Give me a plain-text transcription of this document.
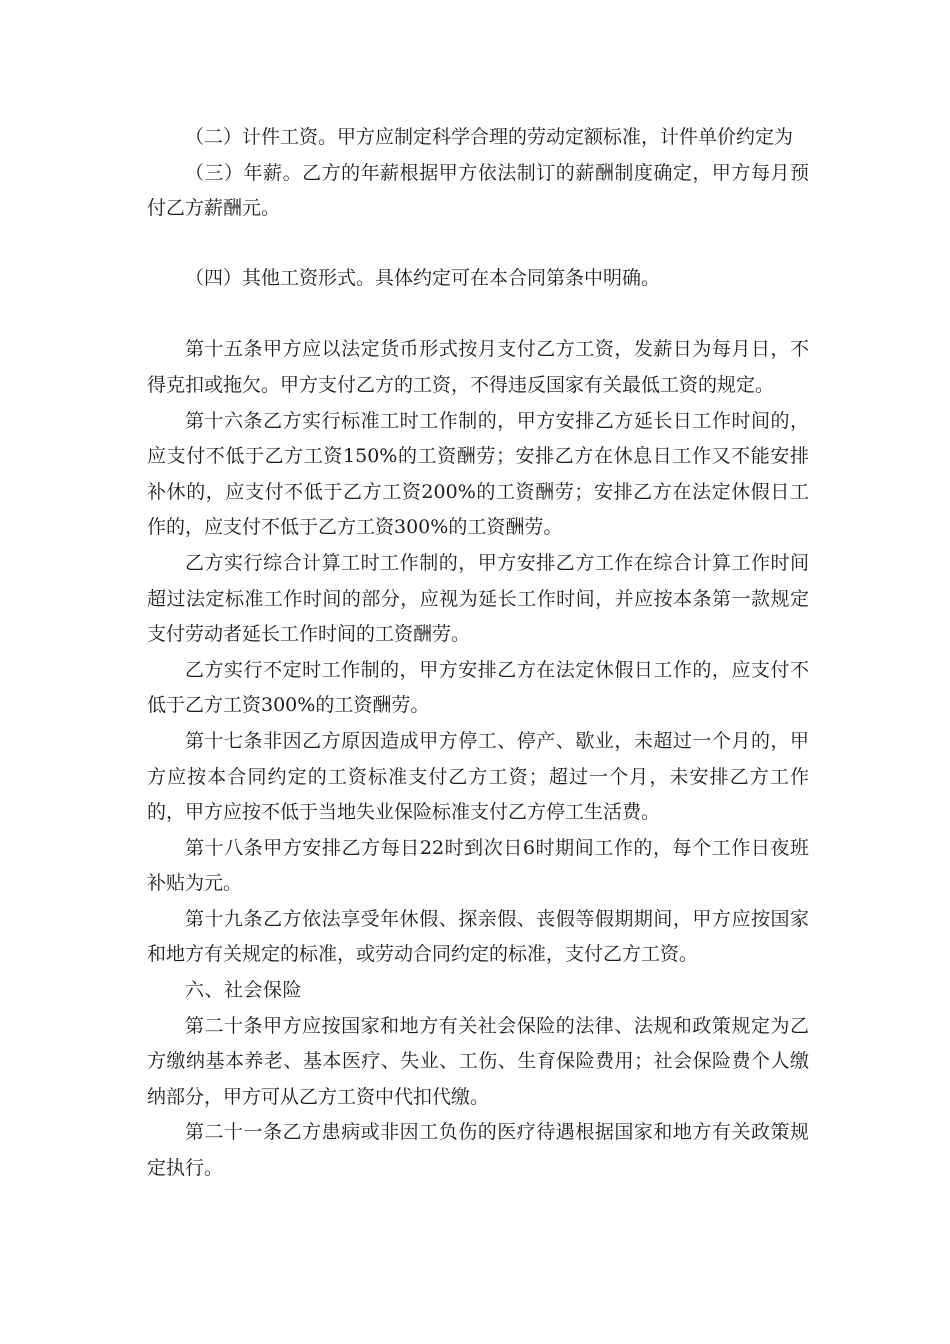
（二）计件工资。甲方应制定科学合理的劳动定额标准，计件单价约定为

（三）年薪。乙方的年薪根据甲方依法制订的薪酬制度确定，甲方每月预付乙方薪酬元。

（四）其他工资形式。具体约定可在本合同第条中明确。

第十五条甲方应以法定货币形式按月支付乙方工资，发薪日为每月日，不得克扣或拖欠。甲方支付乙方的工资，不得违反国家有关最低工资的规定。

第十六条乙方实行标准工时工作制的，甲方安排乙方延长日工作时间的，应支付不低于乙方工资150%的工资酬劳；安排乙方在休息日工作又不能安排补休的，应支付不低于乙方工资200%的工资酬劳；安排乙方在法定休假日工作的，应支付不低于乙方工资300%的工资酬劳。

乙方实行综合计算工时工作制的，甲方安排乙方工作在综合计算工作时间超过法定标准工作时间的部分，应视为延长工作时间，并应按本条第一款规定支付劳动者延长工作时间的工资酬劳。

乙方实行不定时工作制的，甲方安排乙方在法定休假日工作的，应支付不低于乙方工资300%的工资酬劳。

第十七条非因乙方原因造成甲方停工、停产、歇业，未超过一个月的，甲方应按本合同约定的工资标准支付乙方工资；超过一个月，未安排乙方工作的，甲方应按不低于当地失业保险标准支付乙方停工生活费。

第十八条甲方安排乙方每日22时到次日6时期间工作的，每个工作日夜班补贴为元。

第十九条乙方依法享受年休假、探亲假、丧假等假期期间，甲方应按国家和地方有关规定的标准，或劳动合同约定的标准，支付乙方工资。

六、社会保险

第二十条甲方应按国家和地方有关社会保险的法律、法规和政策规定为乙方缴纳基本养老、基本医疗、失业、工伤、生育保险费用；社会保险费个人缴纳部分，甲方可从乙方工资中代扣代缴。

第二十一条乙方患病或非因工负伤的医疗待遇根据国家和地方有关政策规定执行。
